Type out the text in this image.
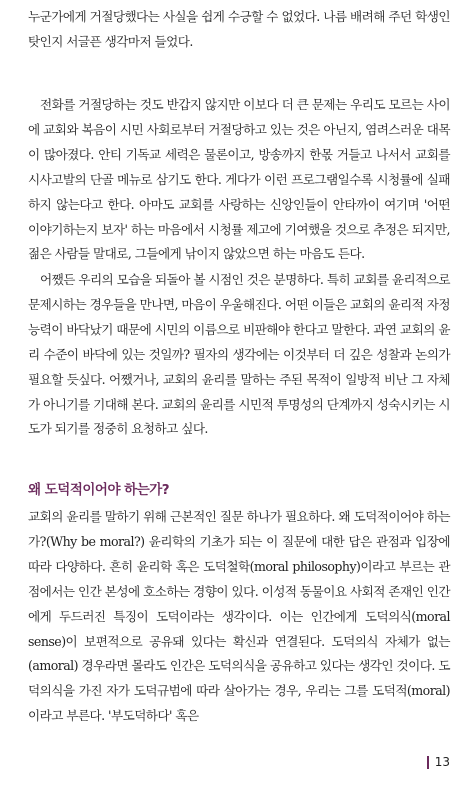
누군가에게 거절당했다는 사실을 쉽게 수긍할 수 없었다. 나름 배려해 주던 학생인 탓인지 서글픈 생각마저 들었다.

전화를 거절당하는 것도 반갑지 않지만 이보다 더 큰 문제는 우리도 모르는 사이에 교회와 복음이 시민 사회로부터 거절당하고 있는 것은 아닌지, 염려스러운 대목이 많아졌다. 안티 기독교 세력은 물론이고, 방송까지 한몫 거들고 나서서 교회를 시사고발의 단골 메뉴로 삼기도 한다. 게다가 이런 프로그램일수록 시청률에 실패하지 않는다고 한다. 아마도 교회를 사랑하는 신앙인들이 안타까이 여기며 '어떤 이야기하는지 보자' 하는 마음에서 시청률 제고에 기여했을 것으로 추정은 되지만, 젊은 사람들 말대로, 그들에게 낚이지 않았으면 하는 마음도 든다.

어쨌든 우리의 모습을 되돌아 볼 시점인 것은 분명하다. 특히 교회를 윤리적으로 문제시하는 경우들을 만나면, 마음이 우울해진다. 어떤 이들은 교회의 윤리적 자정 능력이 바닥났기 때문에 시민의 이름으로 비판해야 한다고 말한다. 과연 교회의 윤리 수준이 바닥에 있는 것일까? 필자의 생각에는 이것부터 더 깊은 성찰과 논의가 필요할 듯싶다. 어쨌거나, 교회의 윤리를 말하는 주된 목적이 일방적 비난 그 자체가 아니기를 기대해 본다. 교회의 윤리를 시민적 투명성의 단계까지 성숙시키는 시도가 되기를 정중히 요청하고 싶다.

왜 도덕적이어야 하는가?

교회의 윤리를 말하기 위해 근본적인 질문 하나가 필요하다. 왜 도덕적이어야 하는가?(Why be moral?) 윤리학의 기초가 되는 이 질문에 대한 답은 관점과 입장에 따라 다양하다. 흔히 윤리학 혹은 도덕철학(moral philosophy)이라고 부르는 관점에서는 인간 본성에 호소하는 경향이 있다. 이성적 동물이요 사회적 존재인 인간에게 두드러진 특징이 도덕이라는 생각이다. 이는 인간에게 도덕의식(moral sense)이 보편적으로 공유돼 있다는 확신과 연결된다. 도덕의식 자체가 없는(amoral) 경우라면 몰라도 인간은 도덕의식을 공유하고 있다는 생각인 것이다. 도덕의식을 가진 자가 도덕규범에 따라 살아가는 경우, 우리는 그를 도덕적(moral)이라고 부른다. '부도덕하다' 혹은

13
